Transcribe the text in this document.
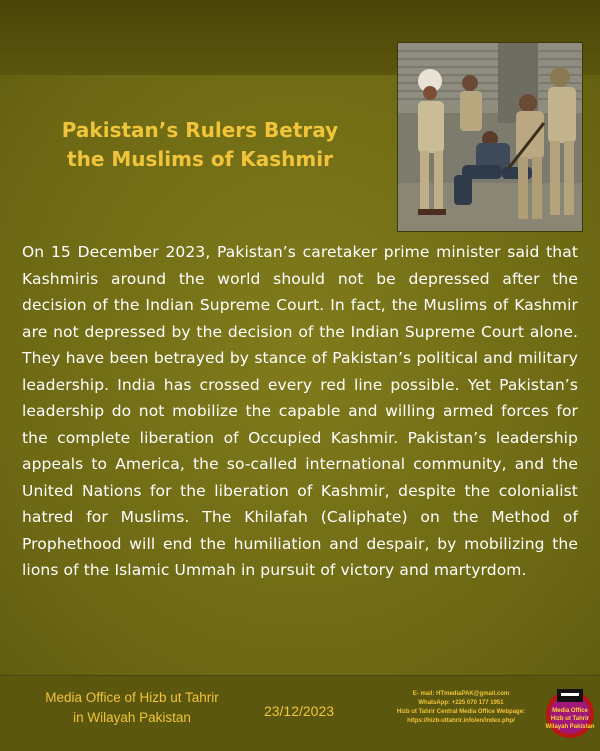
Pakistan’s Rulers Betray
the Muslims of Kashmir
On 15 December 2023, Pakistan’s caretaker prime minister said that Kashmiris around the world should not be depressed after the decision of the Indian Supreme Court. In fact, the Muslims of Kashmir are not depressed by the decision of the Indian Supreme Court alone. They have been betrayed by stance of Pakistan’s political and military leadership. India has crossed every red line possible. Yet Pakistan’s leadership do not mobilize the capable and willing armed forces for the complete liberation of Occupied Kashmir. Pakistan’s leadership appeals to America, the so-called international community, and the United Nations for the liberation of Kashmir, despite the colonialist hatred for Muslims. The Khilafah (Caliphate) on the Method of Prophethood will end the humiliation and despair, by mobilizing the lions of the Islamic Ummah in pursuit of victory and martyrdom.
Media Office of Hizb ut Tahrir
in Wilayah Pakistan	23/12/2023
E- mail: HTmediaPAK@gmail.com
WhatsApp: +225 070 177 1951
Hizb ut Tahrir Central Media Office Webpage:
https://hizb-uttahrir.info/en/index.php/
Media Office
Hizb ut Tahrir
Wilayah Pakistan
